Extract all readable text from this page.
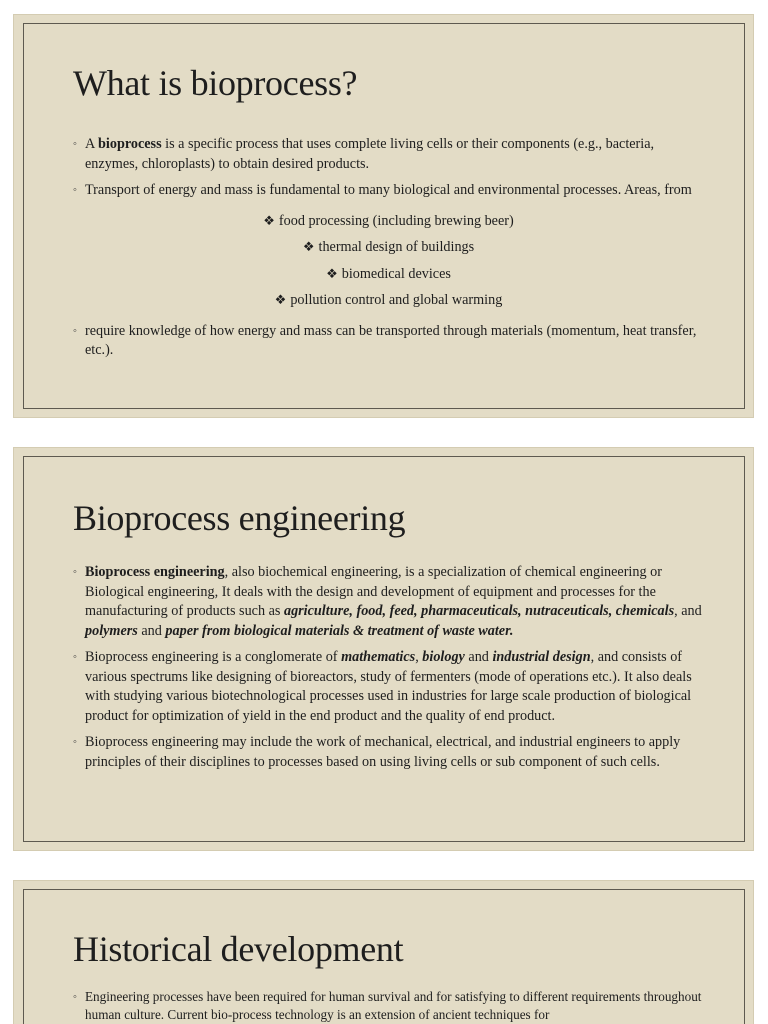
What is bioprocess?
◦ A bioprocess is a specific process that uses complete living cells or their components (e.g., bacteria, enzymes, chloroplasts) to obtain desired products.
◦ Transport of energy and mass is fundamental to many biological and environmental processes. Areas, from
❖ food processing (including brewing beer)
❖ thermal design of buildings
❖ biomedical devices
❖ pollution control and global warming
◦ require knowledge of how energy and mass can be transported through materials (momentum, heat transfer, etc.).
Bioprocess engineering
◦ Bioprocess engineering, also biochemical engineering, is a specialization of chemical engineering or Biological engineering, It deals with the design and development of equipment and processes for the manufacturing of products such as agriculture, food, feed, pharmaceuticals, nutraceuticals, chemicals, and polymers and paper from biological materials & treatment of waste water.
◦ Bioprocess engineering is a conglomerate of mathematics, biology and industrial design, and consists of various spectrums like designing of bioreactors, study of fermenters (mode of operations etc.). It also deals with studying various biotechnological processes used in industries for large scale production of biological product for optimization of yield in the end product and the quality of end product.
◦ Bioprocess engineering may include the work of mechanical, electrical, and industrial engineers to apply principles of their disciplines to processes based on using living cells or sub component of such cells.
Historical development
◦ Engineering processes have been required for human survival and for satisfying to different requirements throughout human culture. Current bio-process technology is an extension of ancient techniques for
